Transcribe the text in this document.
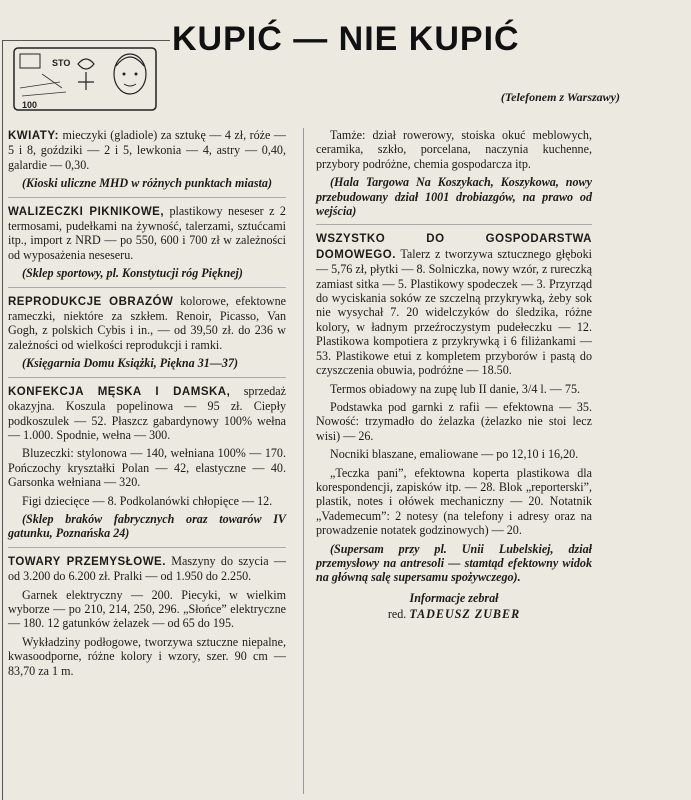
STO
100
KUPIĆ — NIE KUPIĆ
(Telefonem z Warszawy)

KWIATY: mieczyki (gladiole) za sztukę — 4 zł, róże — 5 i 8, goździki — 2 i 5, lewkonia — 4, astry — 0,40, galardie — 0,30.

(Kioski uliczne MHD w różnych punktach miasta)

WALIZECZKI PIKNIKOWE, plastikowy neseser z 2 termosami, pudełkami na żywność, talerzami, sztućcami itp., import z NRD — po 550, 600 i 700 zł w zależności od wyposażenia neseseru.

(Sklep sportowy, pl. Konstytucji róg Pięknej)

REPRODUKCJE OBRAZÓW kolorowe, efektowne rameczki, niektóre za szkłem. Renoir, Picasso, Van Gogh, z polskich Cybis i in., — od 39,50 zł. do 236 w zależności od wielkości reprodukcji i ramki.

(Księgarnia Domu Książki, Piękna 31—37)

KONFEKCJA MĘSKA I DAMSKA, sprzedaż okazyjna. Koszula popelinowa — 95 zł. Ciepły podkoszulek — 52. Płaszcz gabardynowy 100% wełna — 1.000. Spodnie, wełna — 300.

Bluzeczki: stylonowa — 140, wełniana 100% — 170. Pończochy kryształki Polan — 42, elastyczne — 40. Garsonka wełniana — 320.

Figi dziecięce — 8. Podkolanówki chłopięce — 12.

(Sklep braków fabrycznych oraz towarów IV gatunku, Poznańska 24)

TOWARY PRZEMYSŁOWE. Maszyny do szycia — od 3.200 do 6.200 zł. Pralki — od 1.950 do 2.250.

Garnek elektryczny — 200. Piecyki, w wielkim wyborze — po 210, 214, 250, 296. „Słońce” elektryczne — 180. 12 gatunków żelazek — od 65 do 195.

Wykładziny podłogowe, tworzywa sztuczne niepalne, kwasoodporne, różne kolory i wzory, szer. 90 cm — 83,70 za 1 m.

Tamże: dział rowerowy, stoiska okuć meblowych, ceramika, szkło, porcelana, naczynia kuchenne, przybory podróżne, chemia gospodarcza itp.

(Hala Targowa Na Koszykach, Koszykowa, nowy przebudowany dział 1001 drobiazgów, na prawo od wejścia)

WSZYSTKO DO GOSPODARSTWA DOMOWEGO. Talerz z tworzywa sztucznego głęboki — 5,76 zł, płytki — 8. Solniczka, nowy wzór, z rureczką zamiast sitka — 5. Plastikowy spodeczek — 3. Przyrząd do wyciskania soków ze szczelną przykrywką, żeby sok nie wysychał 7. 20 widelczyków do śledzika, różne kolory, w ładnym przeźroczystym pudełeczku — 12. Plastikowa kompotiera z przykrywką i 6 filiżankami — 53. Plastikowe etui z kompletem przyborów i pastą do czyszczenia obuwia, podróżne — 18.50.

Termos obiadowy na zupę lub II danie, 3/4 l. — 75.

Podstawka pod garnki z rafii — efektowna — 35. Nowość: trzymadło do żelazka (żelazko nie stoi lecz wisi) — 26.

Nocniki blaszane, emaliowane — po 12,10 i 16,20.

„Teczka pani”, efektowna koperta plastikowa dla korespondencji, zapisków itp. — 28. Blok „reporterski”, plastik, notes i ołówek mechaniczny — 20. Notatnik „Vademecum”: 2 notesy (na telefony i adresy oraz na prowadzenie notatek godzinowych) — 20.

(Supersam przy pl. Unii Lubelskiej, dział przemysłowy na antresoli — stamtąd efektowny widok na główną salę supersamu spożywczego).

Informacje zebrał
red. TADEUSZ ZUBER
